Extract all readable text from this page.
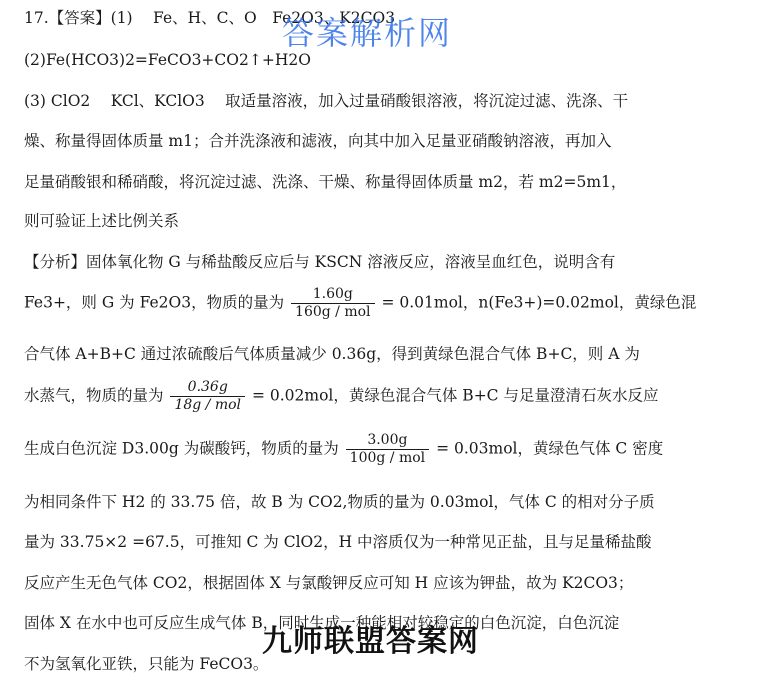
17.【答案】(1)　 Fe、H、C、O　Fe2O3、K2CO3
(2)Fe(HCO3)2=FeCO3+CO2↑+H2O
(3) ClO2　 KCl、KClO3　 取适量溶液，加入过量硝酸银溶液，将沉淀过滤、洗涤、干
燥、称量得固体质量 m1；合并洗涤液和滤液，向其中加入足量亚硝酸钠溶液，再加入
足量硝酸银和稀硝酸，将沉淀过滤、洗涤、干燥、称量得固体质量 m2，若 m2=5m1，
则可验证上述比例关系
【分析】固体氧化物 G 与稀盐酸反应后与 KSCN 溶液反应，溶液呈血红色，说明含有
Fe3+，则 G 为 Fe2O3，物质的量为 $\frac{1.60g}{\text{160g / mol}} = 0.01mol$，n(Fe3+)=0.02mol，黄绿色混
合气体 A+B+C 通过浓硫酸后气体质量减少 0.36g，得到黄绿色混合气体 B+C，则 A 为
水蒸气，物质的量为 $\frac{0.36g}{\text{18g / mol}} = 0.02mol$，黄绿色混合气体 B+C 与足量澄清石灰水反应
生成白色沉淀 D3.00g 为碳酸钙，物质的量为 $\frac{3.00g}{\text{100g / mol}} = 0.03mol$，黄绿色气体 C 密度
为相同条件下 H2 的 33.75 倍，故 B 为 CO2,物质的量为 0.03mol，气体 C 的相对分子质
量为 33.75×2 =67.5，可推知 C 为 ClO2，H 中溶质仅为一种常见正盐，且与足量稀盐酸
反应产生无色气体 CO2，根据固体 X 与氯酸钾反应可知 H 应该为钾盐，故为 K2CO3；
固体 X 在水中也可反应生成气体 B，同时生成一种能相对较稳定的白色沉淀，白色沉淀
不为氢氧化亚铁，只能为 FeCO3。
答案解析网
九师联盟答案网
